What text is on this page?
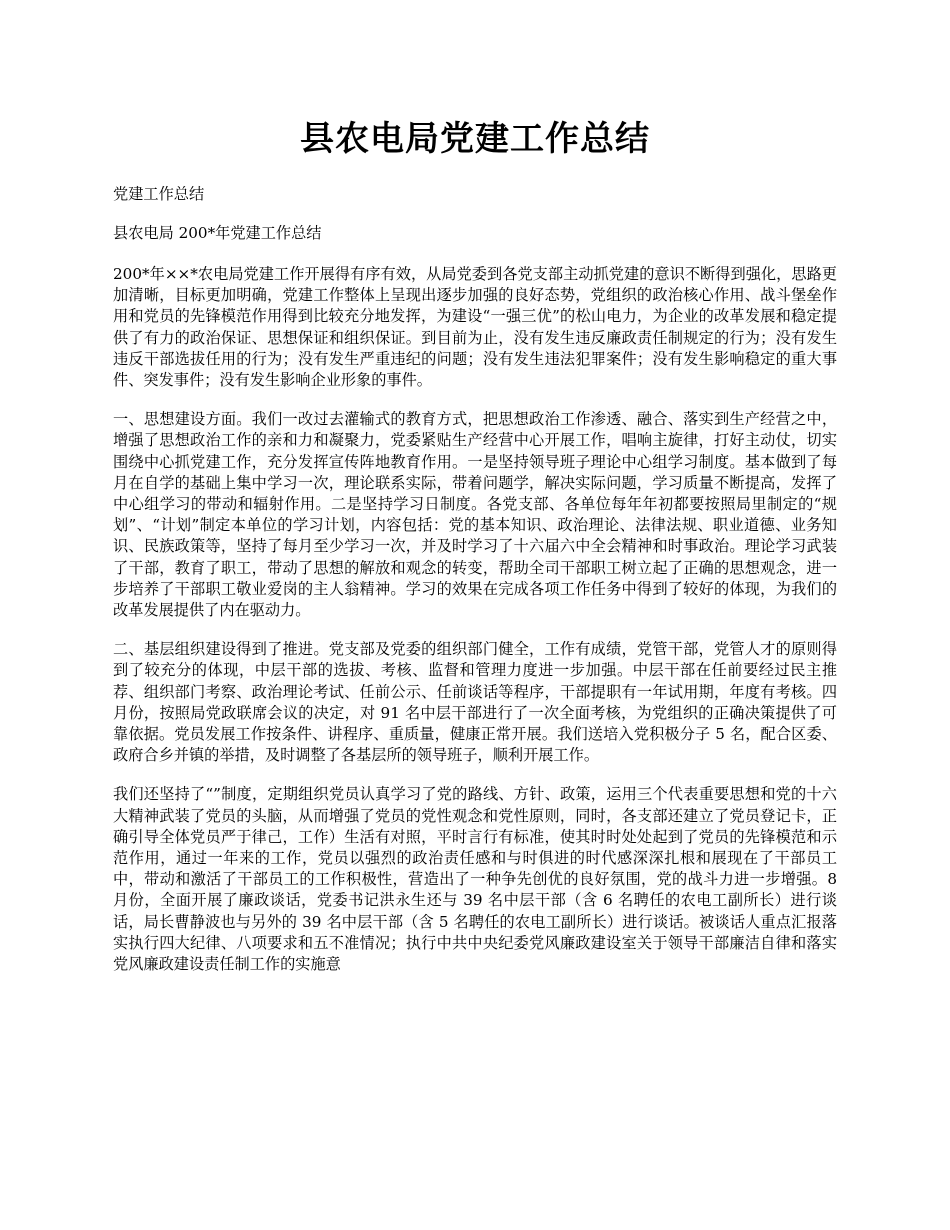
县农电局党建工作总结

党建工作总结

县农电局 200*年党建工作总结

200*年××*农电局党建工作开展得有序有效，从局党委到各党支部主动抓党建的意识不断得到强化，思路更加清晰，目标更加明确，党建工作整体上呈现出逐步加强的良好态势，党组织的政治核心作用、战斗堡垒作用和党员的先锋模范作用得到比较充分地发挥，为建设“一强三优”的松山电力，为企业的改革发展和稳定提供了有力的政治保证、思想保证和组织保证。到目前为止，没有发生违反廉政责任制规定的行为；没有发生违反干部选拔任用的行为；没有发生严重违纪的问题；没有发生违法犯罪案件；没有发生影响稳定的重大事件、突发事件；没有发生影响企业形象的事件。

一、思想建设方面。我们一改过去灌输式的教育方式，把思想政治工作渗透、融合、落实到生产经营之中，增强了思想政治工作的亲和力和凝聚力，党委紧贴生产经营中心开展工作，唱响主旋律，打好主动仗，切实围绕中心抓党建工作，充分发挥宣传阵地教育作用。一是坚持领导班子理论中心组学习制度。基本做到了每月在自学的基础上集中学习一次，理论联系实际，带着问题学，解决实际问题，学习质量不断提高，发挥了中心组学习的带动和辐射作用。二是坚持学习日制度。各党支部、各单位每年年初都要按照局里制定的“规划”、“计划”制定本单位的学习计划，内容包括：党的基本知识、政治理论、法律法规、职业道德、业务知识、民族政策等，坚持了每月至少学习一次，并及时学习了十六届六中全会精神和时事政治。理论学习武装了干部，教育了职工，带动了思想的解放和观念的转变，帮助全司干部职工树立起了正确的思想观念，进一步培养了干部职工敬业爱岗的主人翁精神。学习的效果在完成各项工作任务中得到了较好的体现，为我们的改革发展提供了内在驱动力。

二、基层组织建设得到了推进。党支部及党委的组织部门健全，工作有成绩，党管干部，党管人才的原则得到了较充分的体现，中层干部的选拔、考核、监督和管理力度进一步加强。中层干部在任前要经过民主推荐、组织部门考察、政治理论考试、任前公示、任前谈话等程序，干部提职有一年试用期，年度有考核。四月份，按照局党政联席会议的决定，对 91 名中层干部进行了一次全面考核，为党组织的正确决策提供了可靠依据。党员发展工作按条件、讲程序、重质量，健康正常开展。我们送培入党积极分子 5 名，配合区委、政府合乡并镇的举措，及时调整了各基层所的领导班子，顺利开展工作。

我们还坚持了“”制度，定期组织党员认真学习了党的路线、方针、政策，运用三个代表重要思想和党的十六大精神武装了党员的头脑，从而增强了党员的党性观念和党性原则，同时，各支部还建立了党员登记卡，正确引导全体党员严于律己，工作）生活有对照，平时言行有标准，使其时时处处起到了党员的先锋模范和示范作用，通过一年来的工作，党员以强烈的政治责任感和与时俱进的时代感深深扎根和展现在了干部员工中，带动和激活了干部员工的工作积极性，营造出了一种争先创优的良好氛围，党的战斗力进一步增强。8 月份，全面开展了廉政谈话，党委书记洪永生还与 39 名中层干部（含 6 名聘任的农电工副所长）进行谈话，局长曹静波也与另外的 39 名中层干部（含 5 名聘任的农电工副所长）进行谈话。被谈话人重点汇报落实执行四大纪律、八项要求和五不准情况；执行中共中央纪委党风廉政建设室关于领导干部廉洁自律和落实党风廉政建设责任制工作的实施意
